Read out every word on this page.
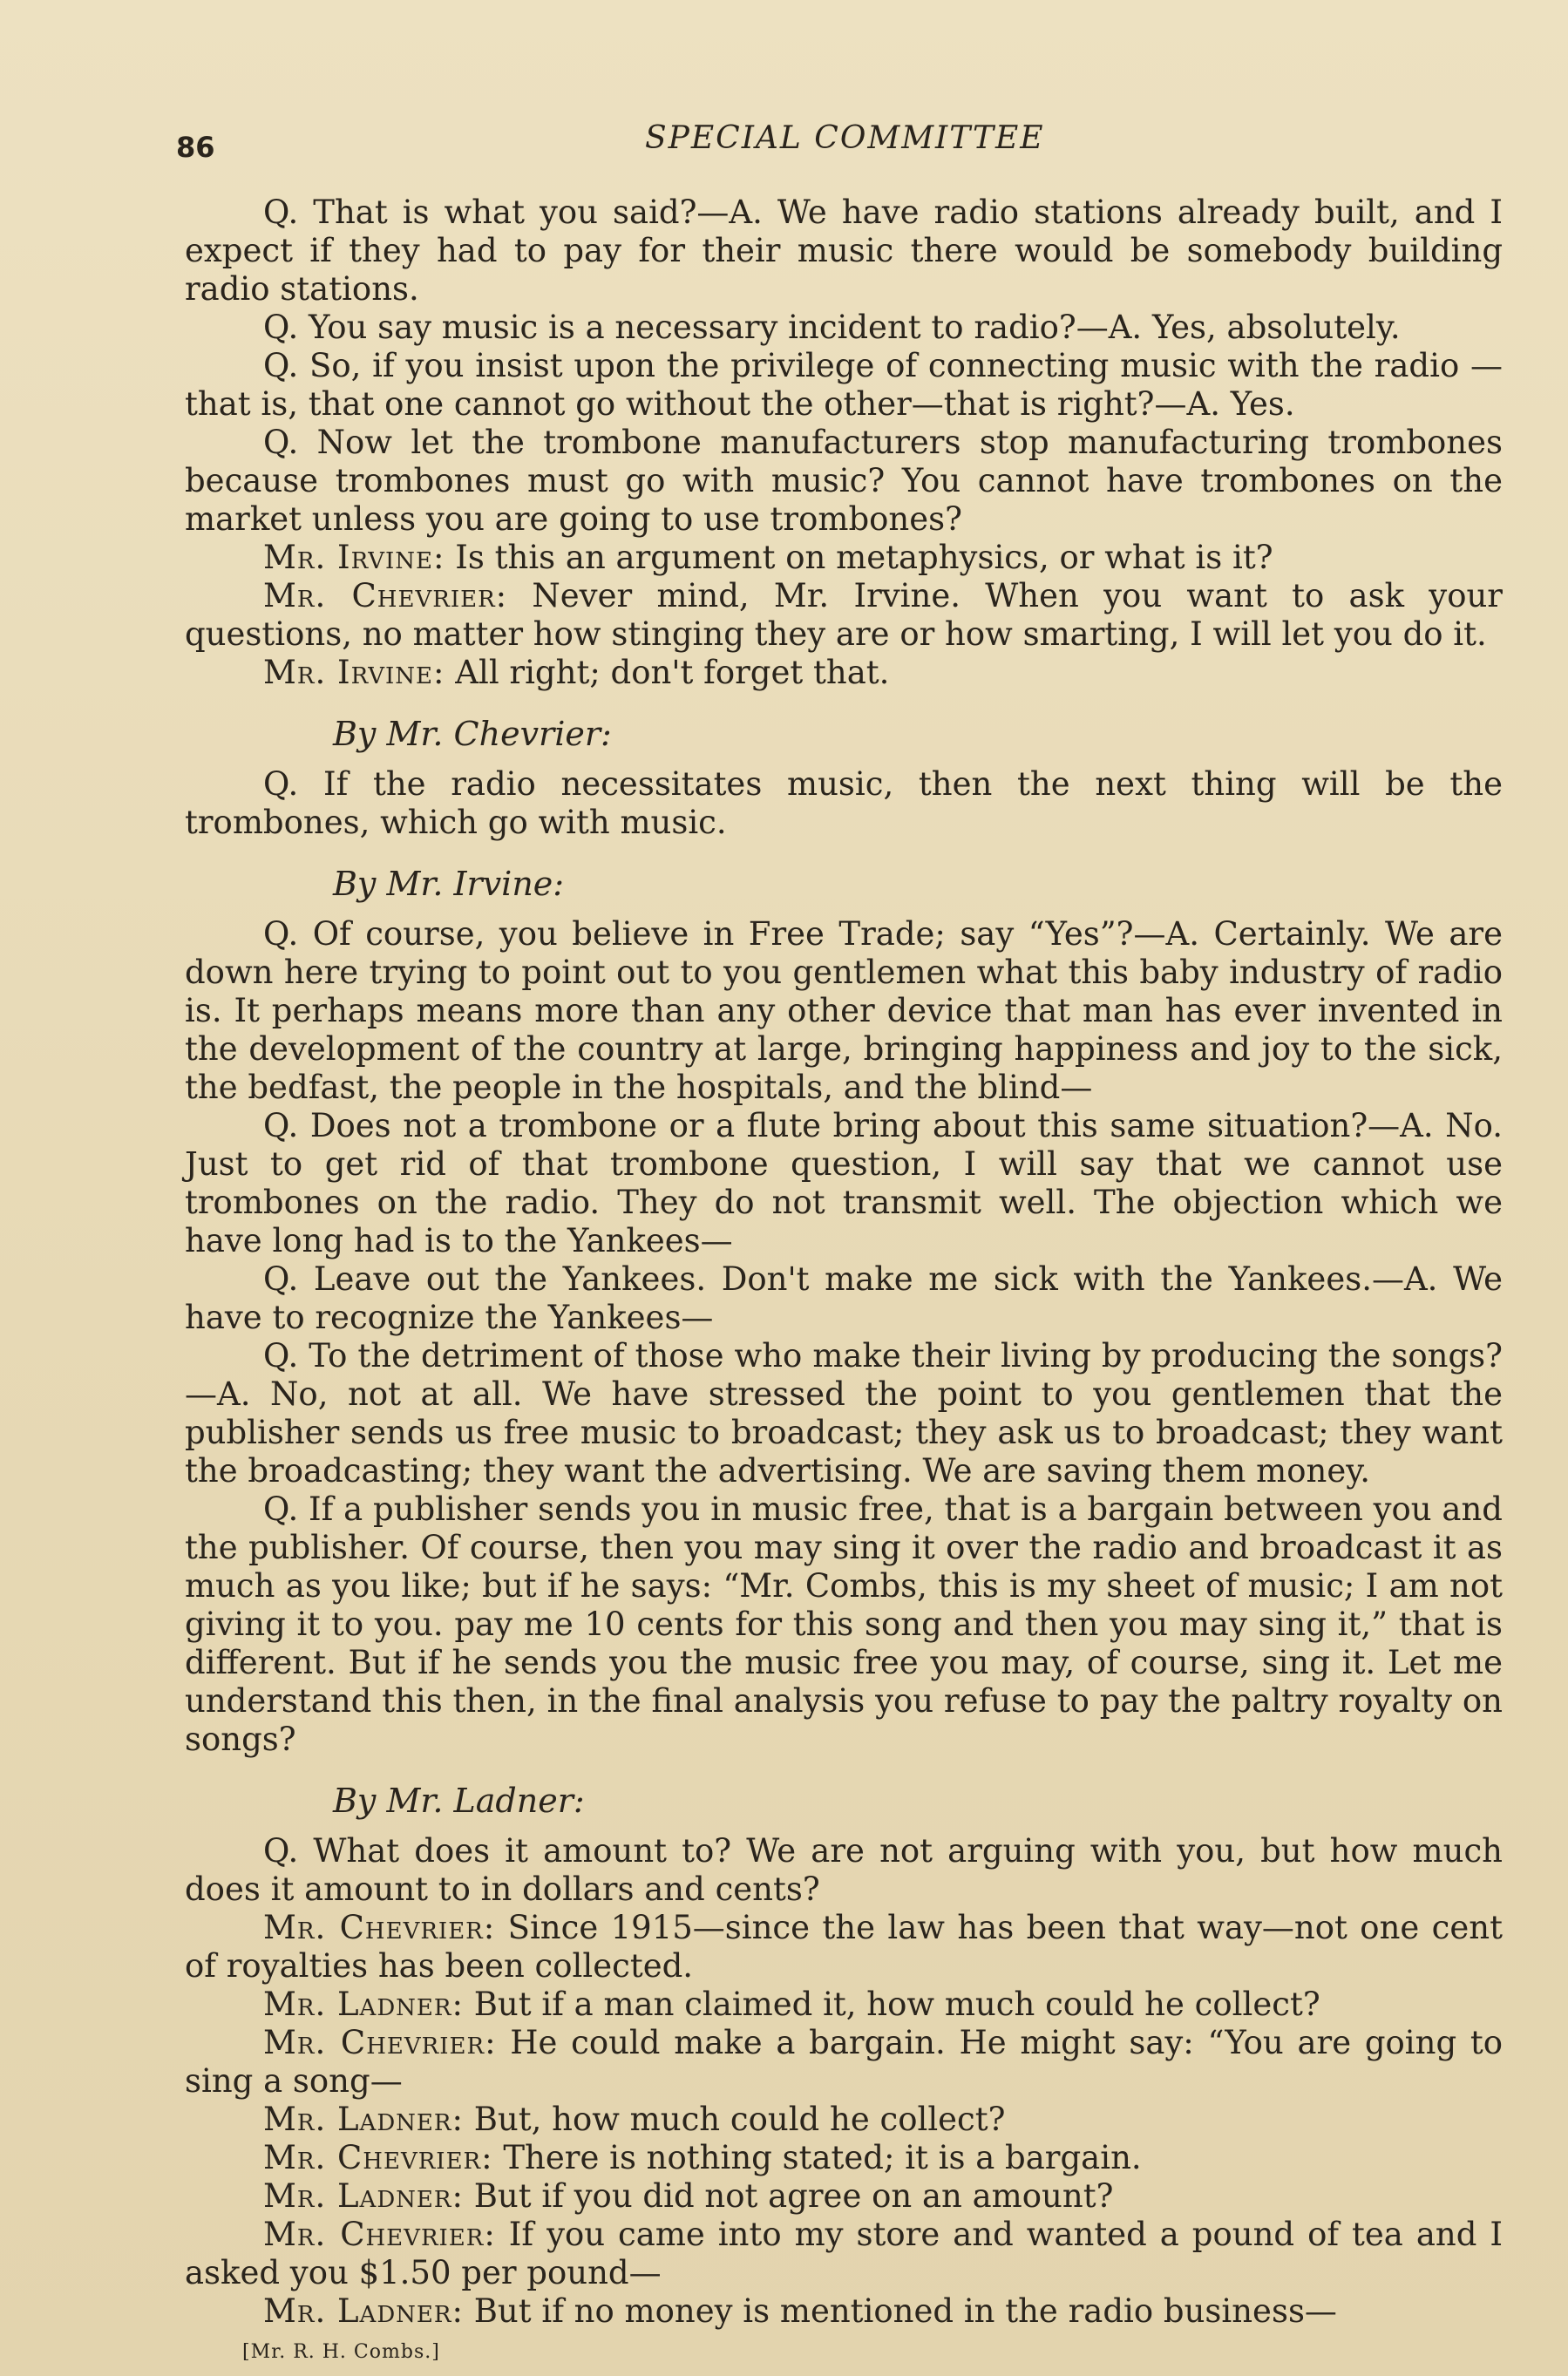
86	SPECIAL COMMITTEE

Q. That is what you said?—A. We have radio stations already built, and I expect if they had to pay for their music there would be somebody building radio stations.

Q. You say music is a necessary incident to radio?—A. Yes, absolutely.

Q. So, if you insist upon the privilege of connecting music with the radio —that is, that one cannot go without the other—that is right?—A. Yes.

Q. Now let the trombone manufacturers stop manufacturing trombones because trombones must go with music? You cannot have trombones on the market unless you are going to use trombones?

Mr. Irvine: Is this an argument on metaphysics, or what is it?

Mr. Chevrier: Never mind, Mr. Irvine. When you want to ask your questions, no matter how stinging they are or how smarting, I will let you do it.

Mr. Irvine: All right; don't forget that.

By Mr. Chevrier:

Q. If the radio necessitates music, then the next thing will be the trombones, which go with music.

By Mr. Irvine:

Q. Of course, you believe in Free Trade; say “Yes”?—A. Certainly. We are down here trying to point out to you gentlemen what this baby industry of radio is. It perhaps means more than any other device that man has ever invented in the development of the country at large, bringing happiness and joy to the sick, the bedfast, the people in the hospitals, and the blind—

Q. Does not a trombone or a flute bring about this same situation?—A. No. Just to get rid of that trombone question, I will say that we cannot use trombones on the radio. They do not transmit well. The objection which we have long had is to the Yankees—

Q. Leave out the Yankees. Don't make me sick with the Yankees.—A. We have to recognize the Yankees—

Q. To the detriment of those who make their living by producing the songs?—A. No, not at all. We have stressed the point to you gentlemen that the publisher sends us free music to broadcast; they ask us to broadcast; they want the broadcasting; they want the advertising. We are saving them money.

Q. If a publisher sends you in music free, that is a bargain between you and the publisher. Of course, then you may sing it over the radio and broadcast it as much as you like; but if he says: “Mr. Combs, this is my sheet of music; I am not giving it to you. pay me 10 cents for this song and then you may sing it,” that is different. But if he sends you the music free you may, of course, sing it. Let me understand this then, in the final analysis you refuse to pay the paltry royalty on songs?

By Mr. Ladner:

Q. What does it amount to? We are not arguing with you, but how much does it amount to in dollars and cents?

Mr. Chevrier: Since 1915—since the law has been that way—not one cent of royalties has been collected.

Mr. Ladner: But if a man claimed it, how much could he collect?

Mr. Chevrier: He could make a bargain. He might say: “You are going to sing a song—

Mr. Ladner: But, how much could he collect?

Mr. Chevrier: There is nothing stated; it is a bargain.

Mr. Ladner: But if you did not agree on an amount?

Mr. Chevrier: If you came into my store and wanted a pound of tea and I asked you $1.50 per pound—

Mr. Ladner: But if no money is mentioned in the radio business—

[Mr. R. H. Combs.]
